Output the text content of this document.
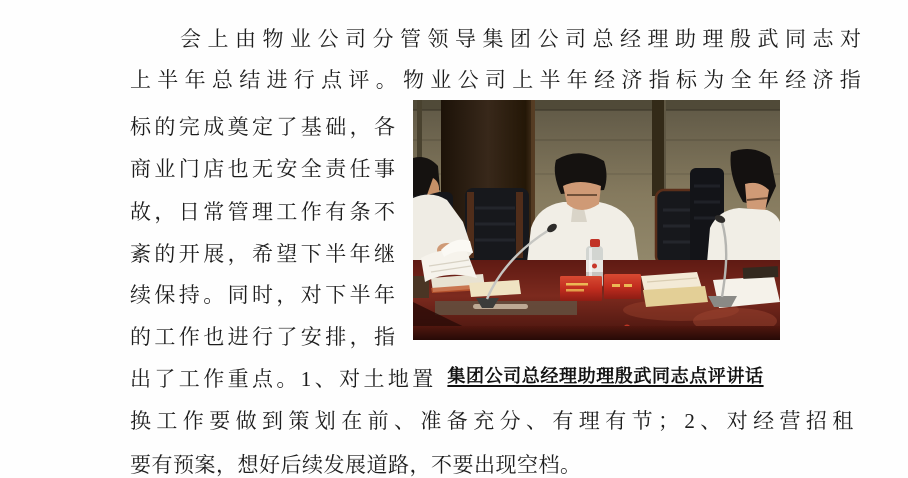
会上由物业公司分管领导集团公司总经理助理殷武同志对
上半年总结进行点评。物业公司上半年经济指标为全年经济指
标的完成奠定了基础，各
商业门店也无安全责任事
故，日常管理工作有条不
紊的开展，希望下半年继
续保持。同时，对下半年
的工作也进行了安排，指
出了工作重点。1、对土地置
换工作要做到策划在前、准备充分、有理有节；2、对经营招租
要有预案，想好后续发展道路，不要出现空档。
集团公司总经理助理殷武同志点评讲话
